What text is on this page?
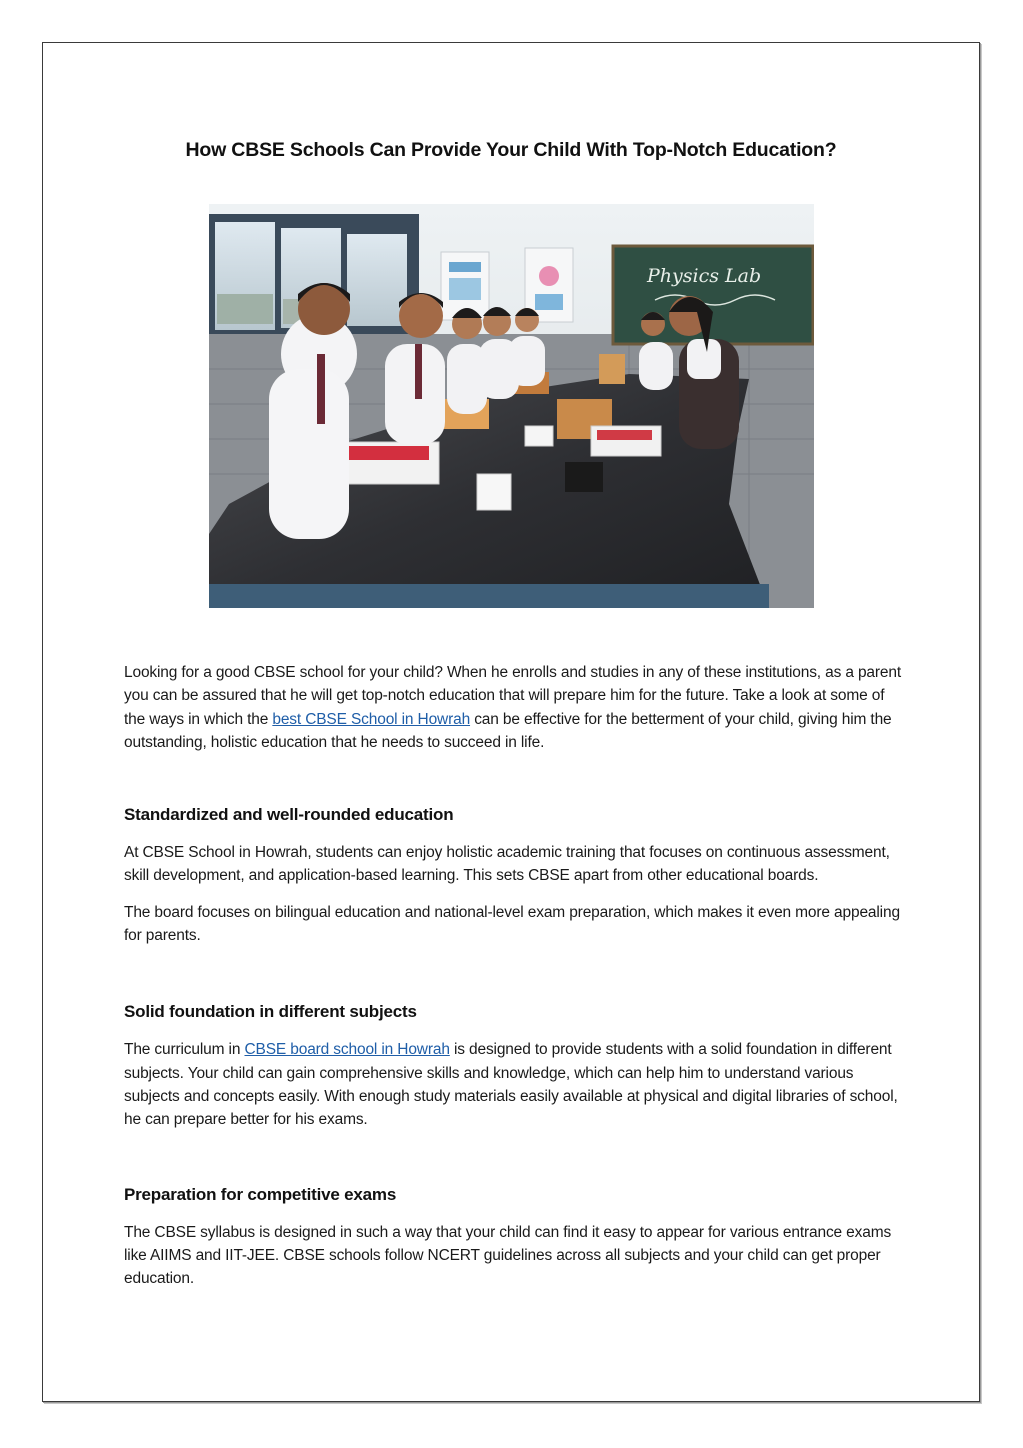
How CBSE Schools Can Provide Your Child With Top-Notch Education?
Physics Lab

Looking for a good CBSE school for your child? When he enrolls and studies in any of these institutions, as a parent you can be assured that he will get top-notch education that will prepare him for the future. Take a look at some of the ways in which the best CBSE School in Howrah can be effective for the betterment of your child, giving him the outstanding, holistic education that he needs to succeed in life.

Standardized and well-rounded education

At CBSE School in Howrah, students can enjoy holistic academic training that focuses on continuous assessment, skill development, and application-based learning. This sets CBSE apart from other educational boards.

The board focuses on bilingual education and national-level exam preparation, which makes it even more appealing for parents.

Solid foundation in different subjects

The curriculum in CBSE board school in Howrah is designed to provide students with a solid foundation in different subjects. Your child can gain comprehensive skills and knowledge, which can help him to understand various subjects and concepts easily. With enough study materials easily available at physical and digital libraries of school, he can prepare better for his exams.

Preparation for competitive exams

The CBSE syllabus is designed in such a way that your child can find it easy to appear for various entrance exams like AIIMS and IIT-JEE. CBSE schools follow NCERT guidelines across all subjects and your child can get proper education.
